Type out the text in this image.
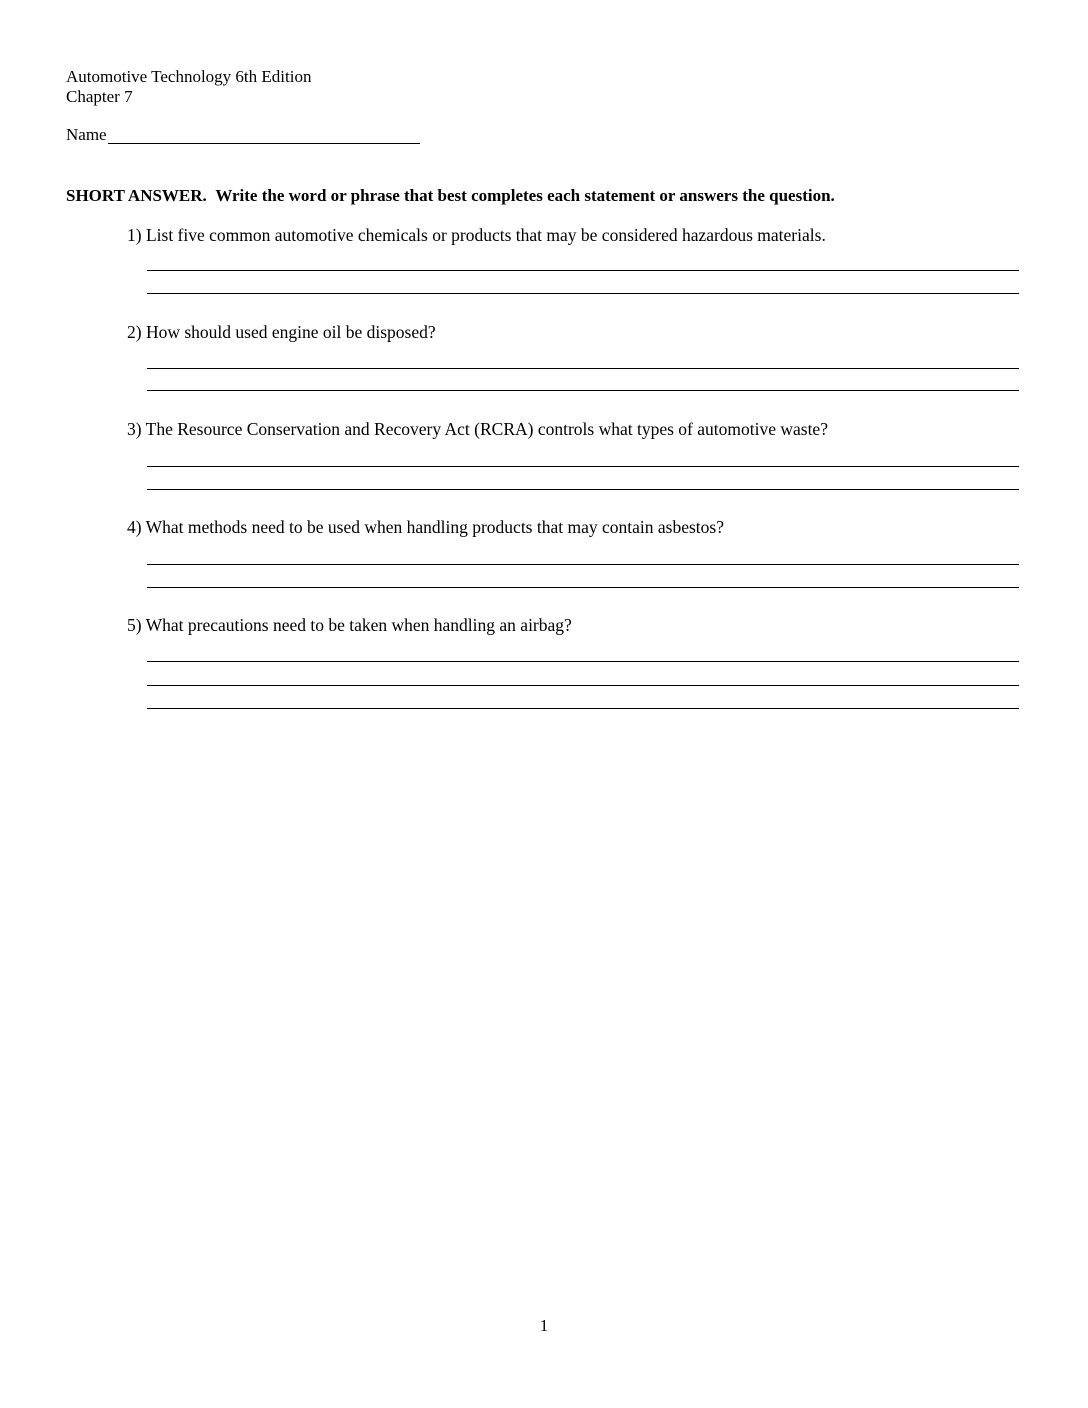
Automotive Technology 6th Edition
Chapter 7
Name
SHORT ANSWER. Write the word or phrase that best completes each statement or answers the question.
1) List five common automotive chemicals or products that may be considered hazardous materials.
2) How should used engine oil be disposed?
3) The Resource Conservation and Recovery Act (RCRA) controls what types of automotive waste?
4) What methods need to be used when handling products that may contain asbestos?
5) What precautions need to be taken when handling an airbag?
1
